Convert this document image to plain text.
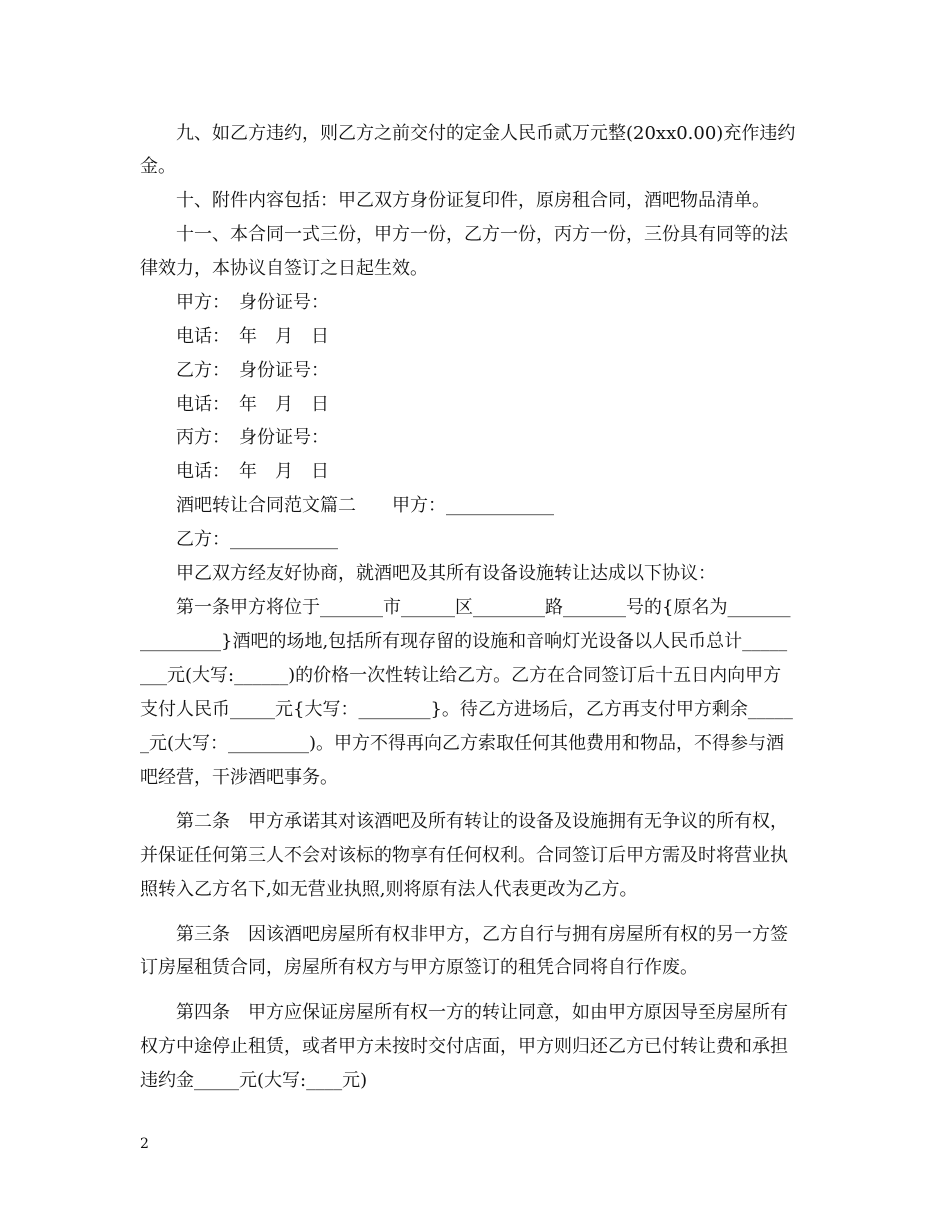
九、如乙方违约，则乙方之前交付的定金人民币贰万元整(20xx0.00)充作违约
金。
十、附件内容包括：甲乙双方身份证复印件，原房租合同，酒吧物品清单。
十一、本合同一式三份，甲方一份，乙方一份，丙方一份，三份具有同等的法
律效力，本协议自签订之日起生效。
甲方：　身份证号：
电话：　年　月　日
乙方：　身份证号：
电话：　年　月　日
丙方：　身份证号：
电话：　年　月　日
酒吧转让合同范文篇二　　甲方：____________
乙方：____________
甲乙双方经友好协商，就酒吧及其所有设备设施转让达成以下协议：
第一条甲方将位于_______市______区________路_______号的{原名为_______
_________}酒吧的场地,包括所有现存留的设施和音响灯光设备以人民币总计_____
___元(大写:______)的价格一次性转让给乙方。乙方在合同签订后十五日内向甲方
支付人民币_____元{大写：________}。待乙方进场后，乙方再支付甲方剩余_____
_元(大写：_________)。甲方不得再向乙方索取任何其他费用和物品，不得参与酒
吧经营，干涉酒吧事务。
第二条　甲方承诺其对该酒吧及所有转让的设备及设施拥有无争议的所有权，
并保证任何第三人不会对该标的物享有任何权利。合同签订后甲方需及时将营业执
照转入乙方名下,如无营业执照,则将原有法人代表更改为乙方。
第三条　因该酒吧房屋所有权非甲方，乙方自行与拥有房屋所有权的另一方签
订房屋租赁合同，房屋所有权方与甲方原签订的租凭合同将自行作废。
第四条　甲方应保证房屋所有权一方的转让同意，如由甲方原因导至房屋所有
权方中途停止租赁，或者甲方未按时交付店面，甲方则归还乙方已付转让费和承担
违约金_____元(大写:____元)
2
